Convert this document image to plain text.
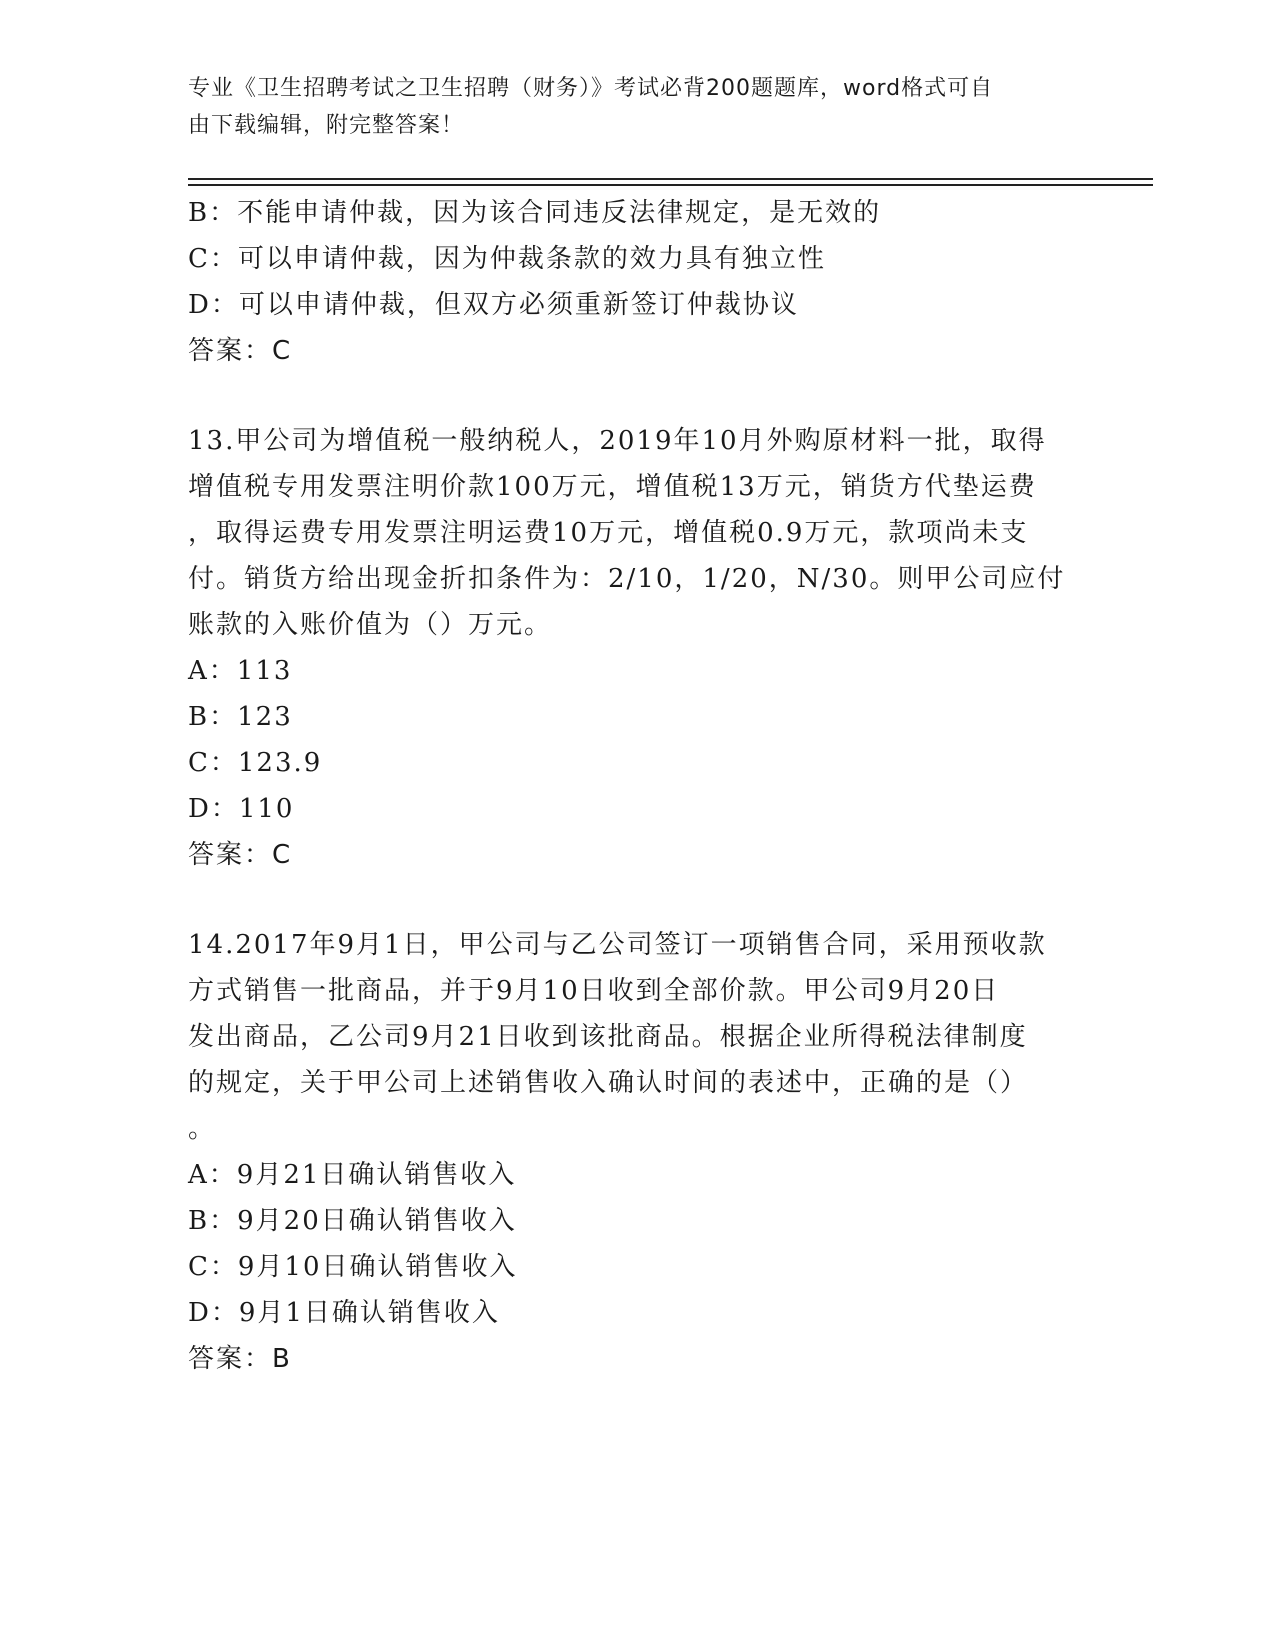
专业《卫生招聘考试之卫生招聘（财务）》考试必背200题题库，word格式可自
由下载编辑，附完整答案！
B：不能申请仲裁，因为该合同违反法律规定，是无效的
C：可以申请仲裁，因为仲裁条款的效力具有独立性
D：可以申请仲裁，但双方必须重新签订仲裁协议
答案：C
13.甲公司为增值税一般纳税人，2019年10月外购原材料一批，取得
增值税专用发票注明价款100万元，增值税13万元，销货方代垫运费
，取得运费专用发票注明运费10万元，增值税0.9万元，款项尚未支
付。销货方给出现金折扣条件为：2/10，1/20，N/30。则甲公司应付
账款的入账价值为（）万元。
A：113
B：123
C：123.9
D：110
答案：C
14.2017年9月1日，甲公司与乙公司签订一项销售合同，采用预收款
方式销售一批商品，并于9月10日收到全部价款。甲公司9月20日
发出商品，乙公司9月21日收到该批商品。根据企业所得税法律制度
的规定，关于甲公司上述销售收入确认时间的表述中，正确的是（）
。
A：9月21日确认销售收入
B：9月20日确认销售收入
C：9月10日确认销售收入
D：9月1日确认销售收入
答案：B
